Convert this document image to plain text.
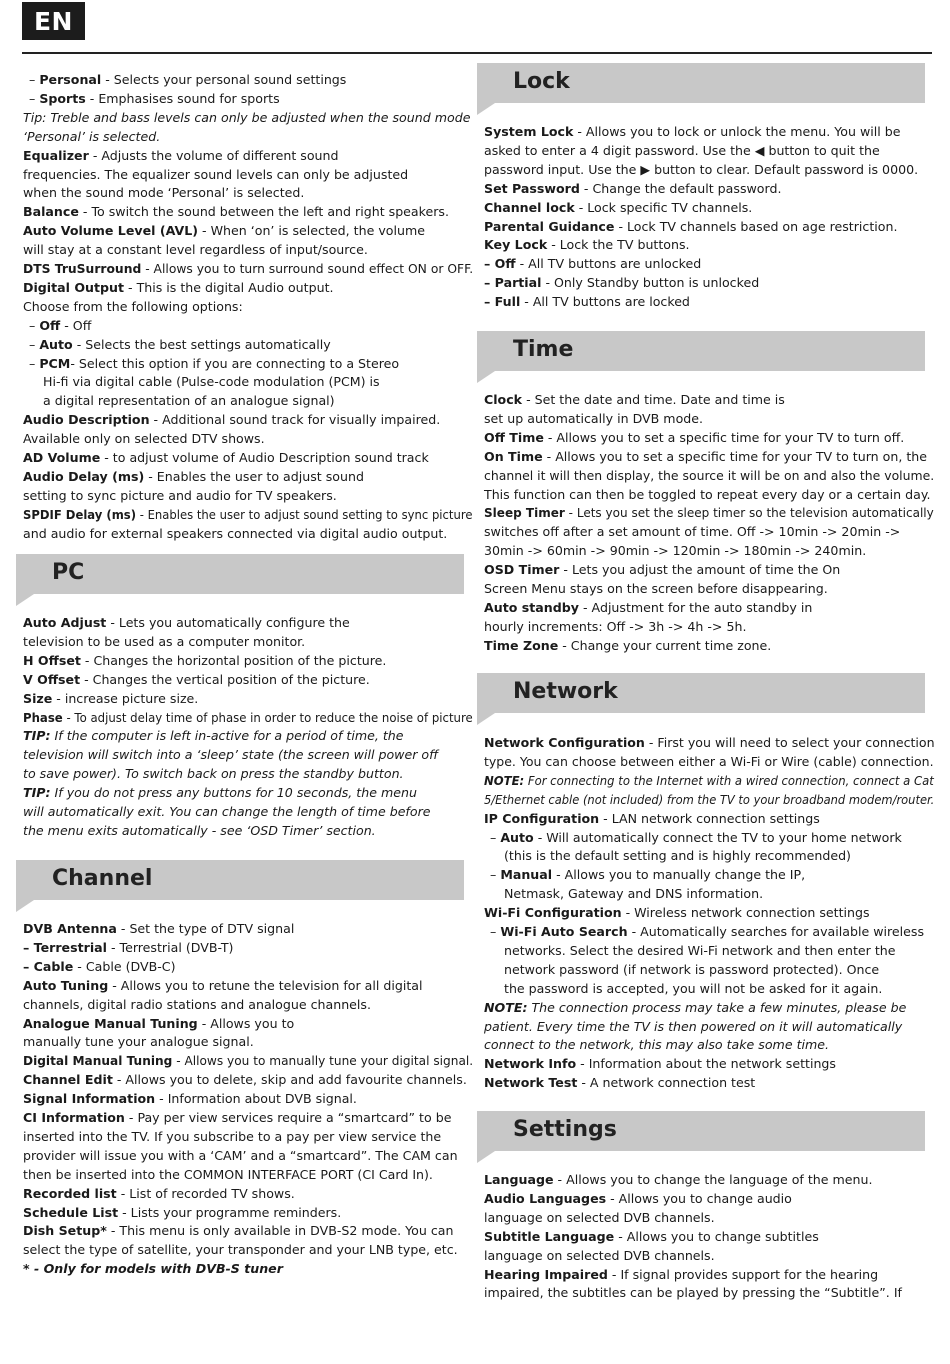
EN
PC
Channel
Lock
Time
Network
Settings
– Personal - Selects your personal sound settings
– Sports - Emphasises sound for sports
Tip: Treble and bass levels can only be adjusted when the sound mode
‘Personal’ is selected.
Equalizer - Adjusts the volume of different sound
frequencies. The equalizer sound levels can only be adjusted
when the sound mode ‘Personal’ is selected.
Balance - To switch the sound between the left and right speakers.
Auto Volume Level (AVL) - When ‘on’ is selected, the volume
will stay at a constant level regardless of input/source.
DTS TruSurround - Allows you to turn surround sound effect ON or OFF.
Digital Output - This is the digital Audio output.
Choose from the following options:
– Off - Off
– Auto - Selects the best settings automatically
– PCM- Select this option if you are connecting to a Stereo
Hi-fi via digital cable (Pulse-code modulation (PCM) is
a digital representation of an analogue signal)
Audio Description - Additional sound track for visually impaired.
Available only on selected DTV shows.
AD Volume - to adjust volume of Audio Description sound track
Audio Delay (ms) - Enables the user to adjust sound
setting to sync picture and audio for TV speakers.
SPDIF Delay (ms) - Enables the user to adjust sound setting to sync picture
and audio for external speakers connected via digital audio output.
Auto Adjust - Lets you automatically configure the
television to be used as a computer monitor.
H Offset - Changes the horizontal position of the picture.
V Offset - Changes the vertical position of the picture.
Size - increase picture size.
Phase - To adjust delay time of phase in order to reduce the noise of picture
TIP: If the computer is left in-active for a period of time, the
television will switch into a ‘sleep’ state (the screen will power off
to save power). To switch back on press the standby button.
TIP: If you do not press any buttons for 10 seconds, the menu
will automatically exit. You can change the length of time before
the menu exits automatically - see ‘OSD Timer’ section.
DVB Antenna - Set the type of DTV signal
– Terrestrial - Terrestrial (DVB-T)
– Cable - Cable (DVB-C)
Auto Tuning - Allows you to retune the television for all digital
channels, digital radio stations and analogue channels.
Analogue Manual Tuning - Allows you to
manually tune your analogue signal.
Digital Manual Tuning - Allows you to manually tune your digital signal.
Channel Edit - Allows you to delete, skip and add favourite channels.
Signal Information - Information about DVB signal.
CI Information - Pay per view services require a “smartcard” to be
inserted into the TV. If you subscribe to a pay per view service the
provider will issue you with a ‘CAM’ and a “smartcard”. The CAM can
then be inserted into the COMMON INTERFACE PORT (CI Card In).
Recorded list - List of recorded TV shows.
Schedule List - Lists your programme reminders.
Dish Setup* - This menu is only available in DVB-S2 mode. You can
select the type of satellite, your transponder and your LNB type, etc.
* - Only for models with DVB-S tuner
System Lock - Allows you to lock or unlock the menu. You will be
asked to enter a 4 digit password. Use the ◀ button to quit the
password input. Use the ▶ button to clear. Default password is 0000.
Set Password - Change the default password.
Channel lock - Lock specific TV channels.
Parental Guidance - Lock TV channels based on age restriction.
Key Lock - Lock the TV buttons.
– Off - All TV buttons are unlocked
– Partial - Only Standby button is unlocked
– Full - All TV buttons are locked
Clock - Set the date and time. Date and time is
set up automatically in DVB mode.
Off Time - Allows you to set a specific time for your TV to turn off.
On Time - Allows you to set a specific time for your TV to turn on, the
channel it will then display, the source it will be on and also the volume.
This function can then be toggled to repeat every day or a certain day.
Sleep Timer - Lets you set the sleep timer so the television automatically
switches off after a set amount of time. Off -> 10min -> 20min ->
30min -> 60min -> 90min -> 120min -> 180min -> 240min.
OSD Timer - Lets you adjust the amount of time the On
Screen Menu stays on the screen before disappearing.
Auto standby - Adjustment for the auto standby in
hourly increments: Off -> 3h -> 4h -> 5h.
Time Zone - Change your current time zone.
Network Configuration - First you will need to select your connection
type. You can choose between either a Wi-Fi or Wire (cable) connection.
NOTE: For connecting to the Internet with a wired connection, connect a Cat
5/Ethernet cable (not included) from the TV to your broadband modem/router.
IP Configuration - LAN network connection settings
– Auto - Will automatically connect the TV to your home network
(this is the default setting and is highly recommended)
– Manual - Allows you to manually change the IP,
Netmask, Gateway and DNS information.
Wi-Fi Configuration - Wireless network connection settings
– Wi-Fi Auto Search - Automatically searches for available wireless
networks. Select the desired Wi-Fi network and then enter the
network password (if network is password protected). Once
the password is accepted, you will not be asked for it again.
NOTE: The connection process may take a few minutes, please be
patient. Every time the TV is then powered on it will automatically
connect to the network, this may also take some time.
Network Info - Information about the network settings
Network Test - A network connection test
Language - Allows you to change the language of the menu.
Audio Languages - Allows you to change audio
language on selected DVB channels.
Subtitle Language - Allows you to change subtitles
language on selected DVB channels.
Hearing Impaired - If signal provides support for the hearing
impaired, the subtitles can be played by pressing the “Subtitle”. If
